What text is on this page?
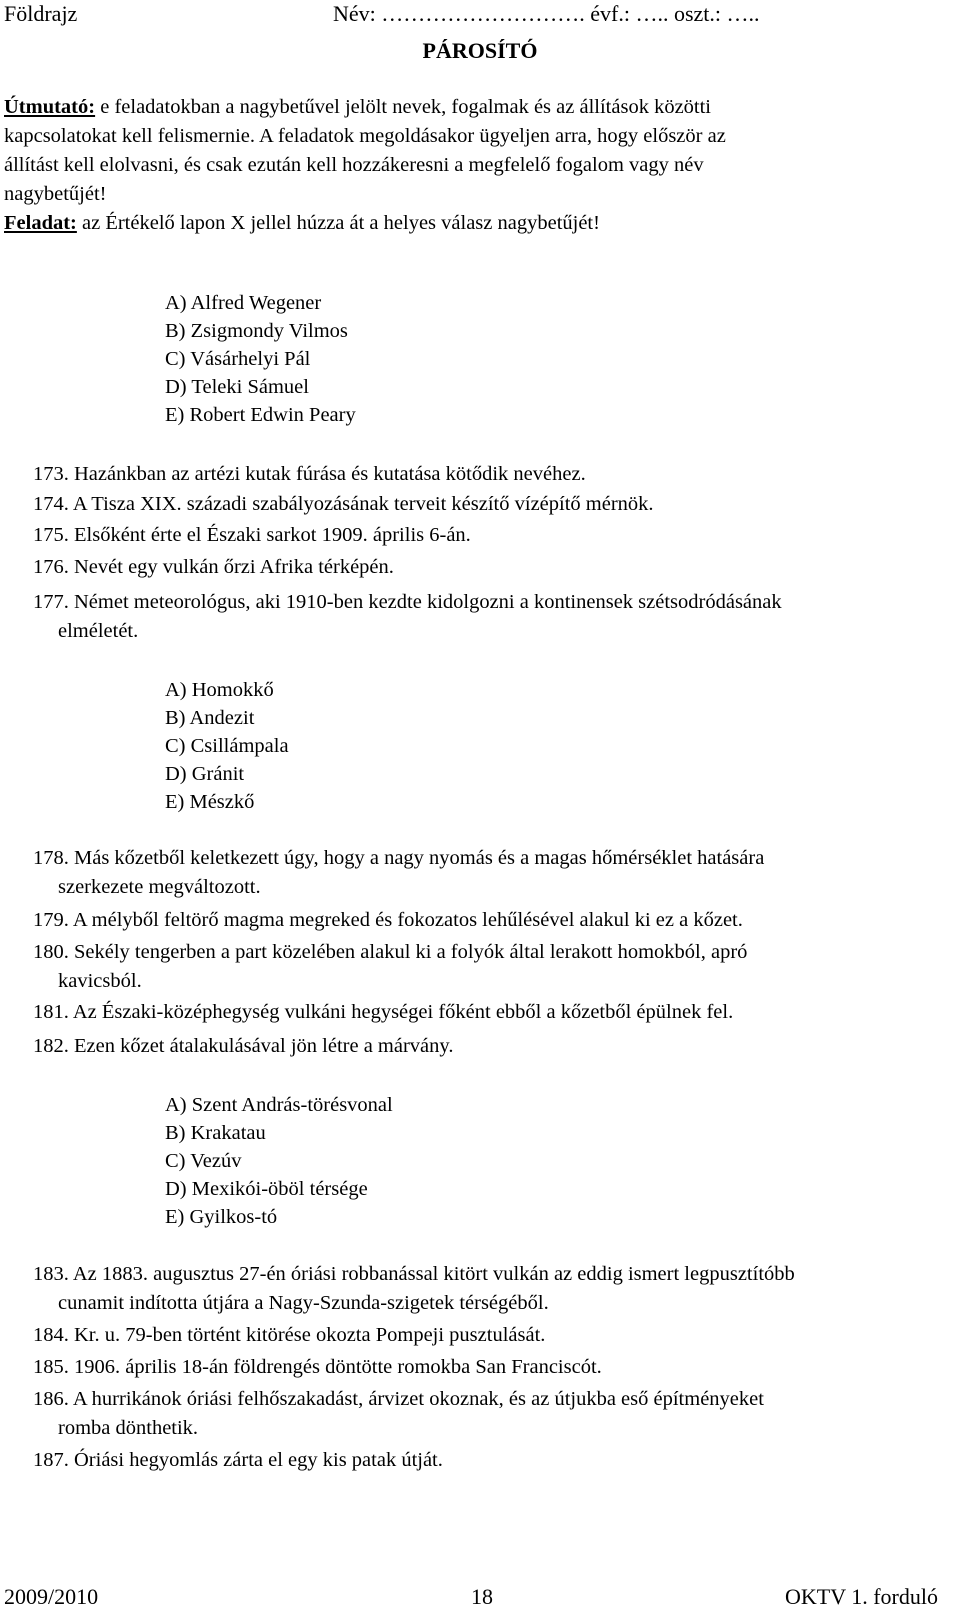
Földrajz	Név: ………………………. évf.: ….. oszt.: …..
PÁROSÍTÓ
Útmutató: e feladatokban a nagybetűvel jelölt nevek, fogalmak és az állítások közötti
kapcsolatokat kell felismernie. A feladatok megoldásakor ügyeljen arra, hogy először az
állítást kell elolvasni, és csak ezután kell hozzákeresni a megfelelő fogalom vagy név
nagybetűjét!
Feladat: az Értékelő lapon X jellel húzza át a helyes válasz nagybetűjét!
A) Alfred Wegener
B) Zsigmondy Vilmos
C) Vásárhelyi Pál
D) Teleki Sámuel
E) Robert Edwin Peary
173. Hazánkban az artézi kutak fúrása és kutatása kötődik nevéhez.
174. A Tisza XIX. századi szabályozásának terveit készítő vízépítő mérnök.
175. Elsőként érte el Északi sarkot 1909. április 6-án.
176. Nevét egy vulkán őrzi Afrika térképén.
177. Német meteorológus, aki 1910-ben kezdte kidolgozni a kontinensek szétsodródásának
elméletét.
A) Homokkő
B) Andezit
C) Csillámpala
D) Gránit
E) Mészkő
178. Más kőzetből keletkezett úgy, hogy a nagy nyomás és a magas hőmérséklet hatására
szerkezete megváltozott.
179. A mélyből feltörő magma megreked és fokozatos lehűlésével alakul ki ez a kőzet.
180. Sekély tengerben a part közelében alakul ki a folyók által lerakott homokból, apró
kavicsból.
181. Az Északi-középhegység vulkáni hegységei főként ebből a kőzetből épülnek fel.
182. Ezen kőzet átalakulásával jön létre a márvány.
A) Szent András-törésvonal
B) Krakatau
C) Vezúv
D) Mexikói-öböl térsége
E) Gyilkos-tó
183. Az 1883. augusztus 27-én óriási robbanással kitört vulkán az eddig ismert legpusztítóbb
cunamit indította útjára a Nagy-Szunda-szigetek térségéből.
184. Kr. u. 79-ben történt kitörése okozta Pompeji pusztulását.
185. 1906. április 18-án földrengés döntötte romokba San Franciscót.
186. A hurrikánok óriási felhőszakadást, árvizet okoznak, és az útjukba eső építményeket
romba dönthetik.
187. Óriási hegyomlás zárta el egy kis patak útját.
2009/2010	18	OKTV 1. forduló
